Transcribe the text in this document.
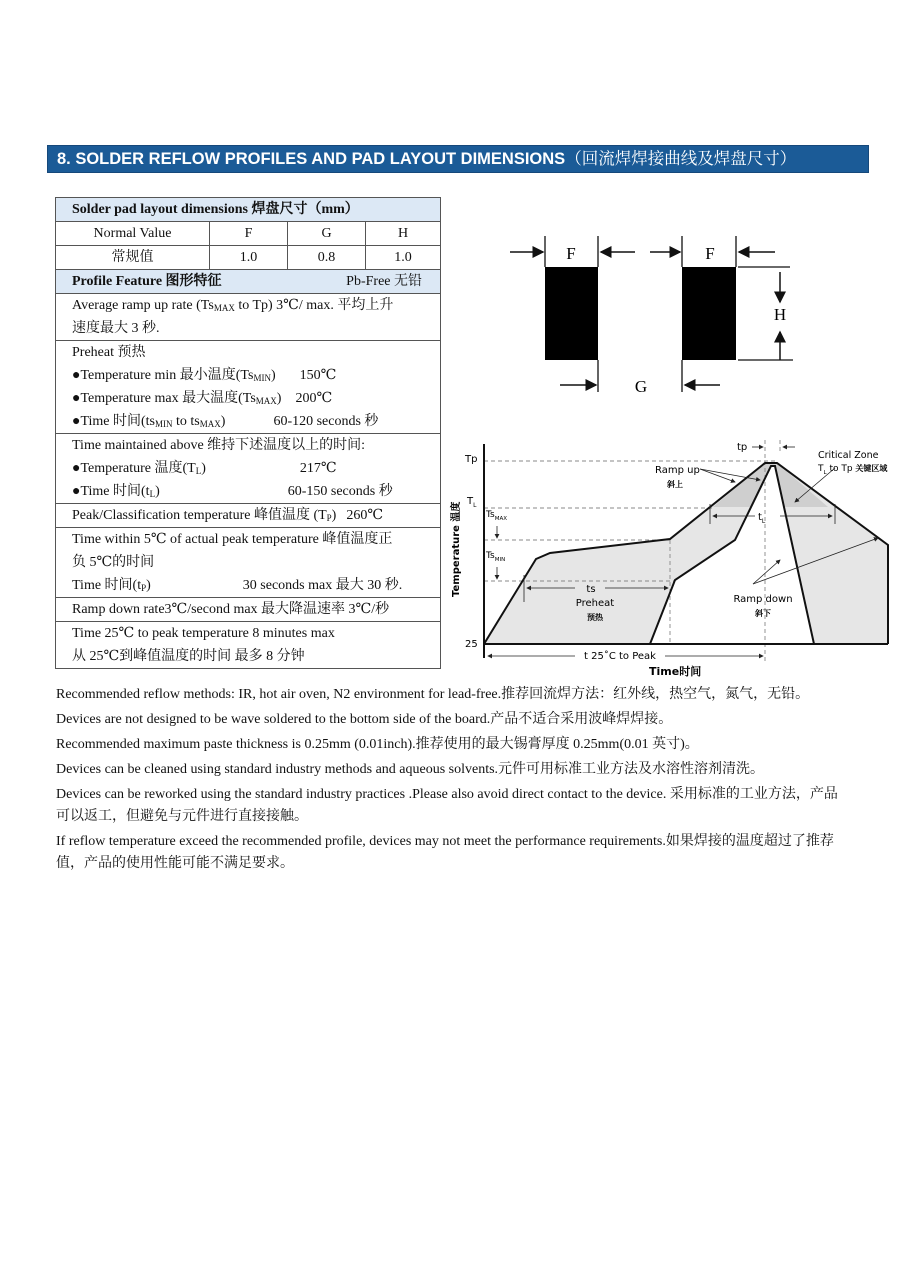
8. SOLDER REFLOW PROFILES AND PAD LAYOUT DIMENSIONS（回流焊焊接曲线及焊盘尺寸）
Solder pad layout dimensions 焊盘尺寸（mm）			
Normal Value	F	G	H
常规值	1.0	0.8	1.0
Profile Feature 图形特征 Pb-Free 无铅			

Average ramp up rate ($Ts_{MAX}$ to Tp) 3℃/ max. 平均上升
速度最大 3 秒.			

Preheat 预热
●Temperature min 最小温度$(Ts_{MIN})$ 150℃
●Temperature max 最大温度$(Ts_{MAX})$ 200℃
●Time 时间($ts_{MIN}$ to $ts_{MAX}$) 60-120 seconds 秒			

Time maintained above 维持下述温度以上的时间:
●Temperature 温度$(T_L)$ 217℃
●Time 时间$(t_L)$ 60-150 seconds 秒			

Peak/Classification temperature 峰值温度 $(T_P)$ 260℃			

Time within 5℃ of actual peak temperature 峰值温度正
负 5℃的时间
Time 时间$(t_P)$ 30 seconds max 最大 30 秒.			

Ramp down rate3℃/second max 最大降温速率 3℃/秒			

Time 25℃ to peak temperature 8 minutes max
从 25℃到峰值温度的时间 最多 8 分钟			
F	F
H
G
Tp
$T_L$
$Ts_{MAX}$
$Ts_{MIN}$
25
Temperature 温度
Time时间
tp
$t_L$
ts
Preheat
预热
Ramp up
斜上
Ramp down
斜下
Critical Zone
$T_L$ to Tp 关键区域
t 25˚C to Peak

Recommended reflow methods: IR, hot air oven, N2 environment for lead-free.推荐回流焊方法：红外线，热空气，氮气，无铅。

Devices are not designed to be wave soldered to the bottom side of the board.产品不适合采用波峰焊焊接。

Recommended maximum paste thickness is 0.25mm (0.01inch).推荐使用的最大锡膏厚度 0.25mm(0.01 英寸)。

Devices can be cleaned using standard industry methods and aqueous solvents.元件可用标准工业方法及水溶性溶剂清洗。

Devices can be reworked using the standard industry practices .Please also avoid direct contact to the device. 采用标准的工业方法，产品可以返工，但避免与元件进行直接接触。

If reflow temperature exceed the recommended profile, devices may not meet the performance requirements.如果焊接的温度超过了推荐值，产品的使用性能可能不满足要求。
